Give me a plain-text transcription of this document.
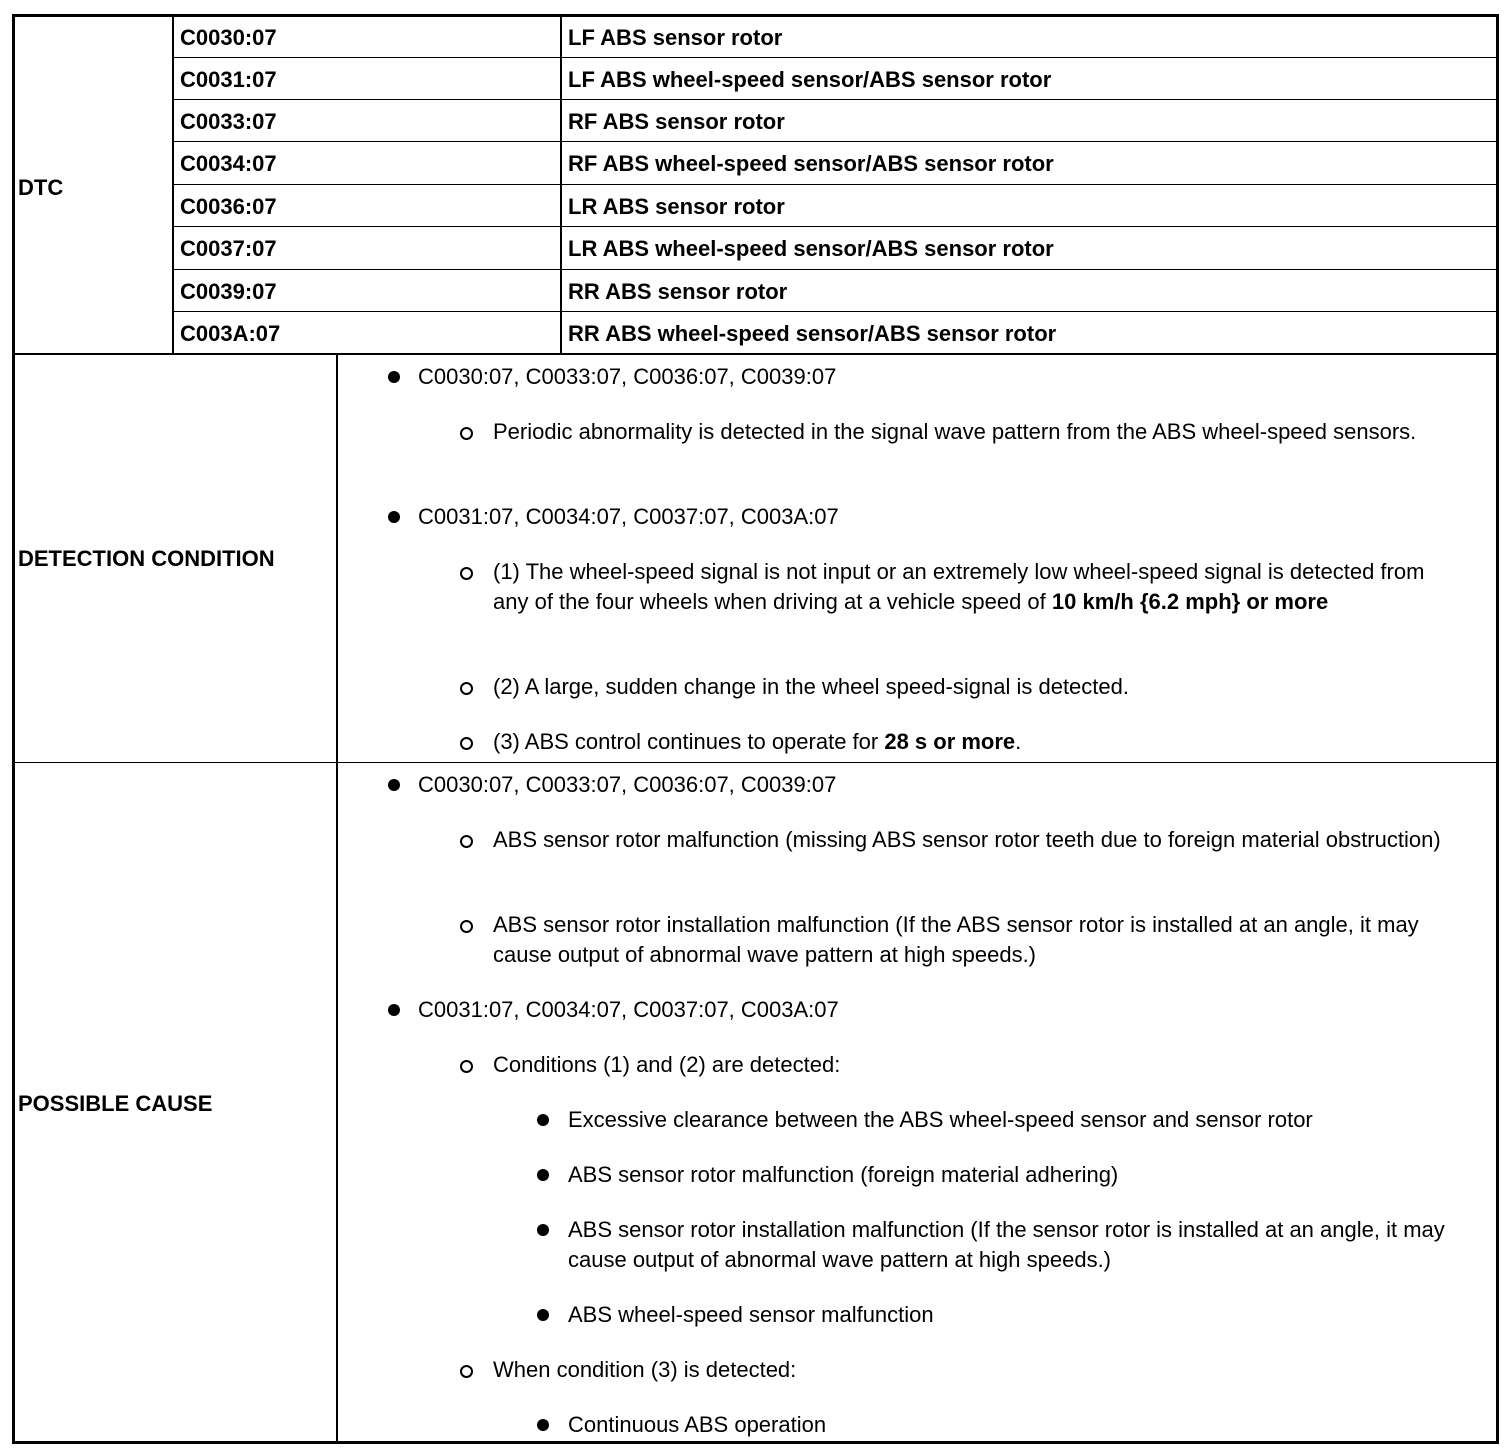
DTC
C0030:07	LF ABS sensor rotor
C0031:07	LF ABS wheel-speed sensor/ABS sensor rotor
C0033:07	RF ABS sensor rotor
C0034:07	RF ABS wheel-speed sensor/ABS sensor rotor
C0036:07	LR ABS sensor rotor
C0037:07	LR ABS wheel-speed sensor/ABS sensor rotor
C0039:07	RR ABS sensor rotor
C003A:07	RR ABS wheel-speed sensor/ABS sensor rotor
DETECTION CONDITION
C0030:07, C0033:07, C0036:07, C0039:07
Periodic abnormality is detected in the signal wave pattern from the ABS wheel-speed sensors.
C0031:07, C0034:07, C0037:07, C003A:07
(1) The wheel-speed signal is not input or an extremely low wheel-speed signal is detected from any of the four wheels when driving at a vehicle speed of 10 km/h {6.2 mph} or more
(2) A large, sudden change in the wheel speed-signal is detected.
(3) ABS control continues to operate for 28 s or more.
POSSIBLE CAUSE
C0030:07, C0033:07, C0036:07, C0039:07
ABS sensor rotor malfunction (missing ABS sensor rotor teeth due to foreign material obstruction)
ABS sensor rotor installation malfunction (If the ABS sensor rotor is installed at an angle, it may cause output of abnormal wave pattern at high speeds.)
C0031:07, C0034:07, C0037:07, C003A:07
Conditions (1) and (2) are detected:
Excessive clearance between the ABS wheel-speed sensor and sensor rotor
ABS sensor rotor malfunction (foreign material adhering)
ABS sensor rotor installation malfunction (If the sensor rotor is installed at an angle, it may cause output of abnormal wave pattern at high speeds.)
ABS wheel-speed sensor malfunction
When condition (3) is detected:
Continuous ABS operation
